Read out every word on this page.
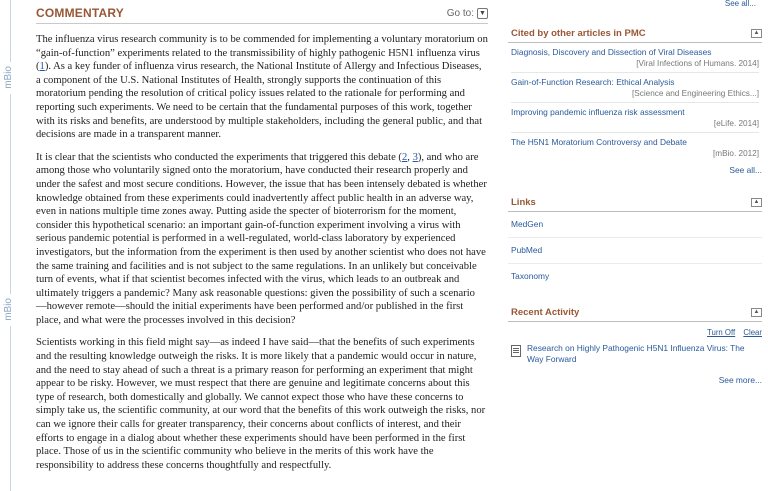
mBio
mBio
COMMENTARY	Go to: ▼

The influenza virus research community is to be commended for implementing a voluntary moratorium on “gain-of-function” experiments related to the transmissibility of highly pathogenic H5N1 influenza virus (1). As a key funder of influenza virus research, the National Institute of Allergy and Infectious Diseases, a component of the U.S. National Institutes of Health, strongly supports the continuation of this moratorium pending the resolution of critical policy issues related to the rationale for performing and reporting such experiments. We need to be certain that the fundamental purposes of this work, together with its risks and benefits, are understood by multiple stakeholders, including the general public, and that decisions are made in a transparent manner.

It is clear that the scientists who conducted the experiments that triggered this debate (2, 3), and who are among those who voluntarily signed onto the moratorium, have conducted their research properly and under the safest and most secure conditions. However, the issue that has been intensely debated is whether knowledge obtained from these experiments could inadvertently affect public health in an adverse way, even in nations multiple time zones away. Putting aside the specter of bioterrorism for the moment, consider this hypothetical scenario: an important gain-of-function experiment involving a virus with serious pandemic potential is performed in a well-regulated, world-class laboratory by experienced investigators, but the information from the experiment is then used by another scientist who does not have the same training and facilities and is not subject to the same regulations. In an unlikely but conceivable turn of events, what if that scientist becomes infected with the virus, which leads to an outbreak and ultimately triggers a pandemic? Many ask reasonable questions: given the possibility of such a scenario —however remote—should the initial experiments have been performed and/or published in the first place, and what were the processes involved in this decision?

Scientists working in this field might say—as indeed I have said—that the benefits of such experiments and the resulting knowledge outweigh the risks. It is more likely that a pandemic would occur in nature, and the need to stay ahead of such a threat is a primary reason for performing an experiment that might appear to be risky. However, we must respect that there are genuine and legitimate concerns about this type of research, both domestically and globally. We cannot expect those who have these concerns to simply take us, the scientific community, at our word that the benefits of this work outweigh the risks, nor can we ignore their calls for greater transparency, their concerns about conflicts of interest, and their efforts to engage in a dialog about whether these experiments should have been performed in the first place. Those of us in the scientific community who believe in the merits of this work have the responsibility to address these concerns thoughtfully and respectfully.

See all...
Cited by other articles in PMC	▲
Diagnosis, Discovery and Dissection of Viral Diseases
[Viral Infections of Humans. 2014]
Gain-of-Function Research: Ethical Analysis
[Science and Engineering Ethics...]
Improving pandemic influenza risk assessment
[eLife. 2014]
The H5N1 Moratorium Controversy and Debate
[mBio. 2012]
See all...
Links	▲
MedGen
PubMed
Taxonomy
Recent Activity	▲
Turn Off Clear
Research on Highly Pathogenic H5N1 Influenza Virus: The Way Forward
See more...
